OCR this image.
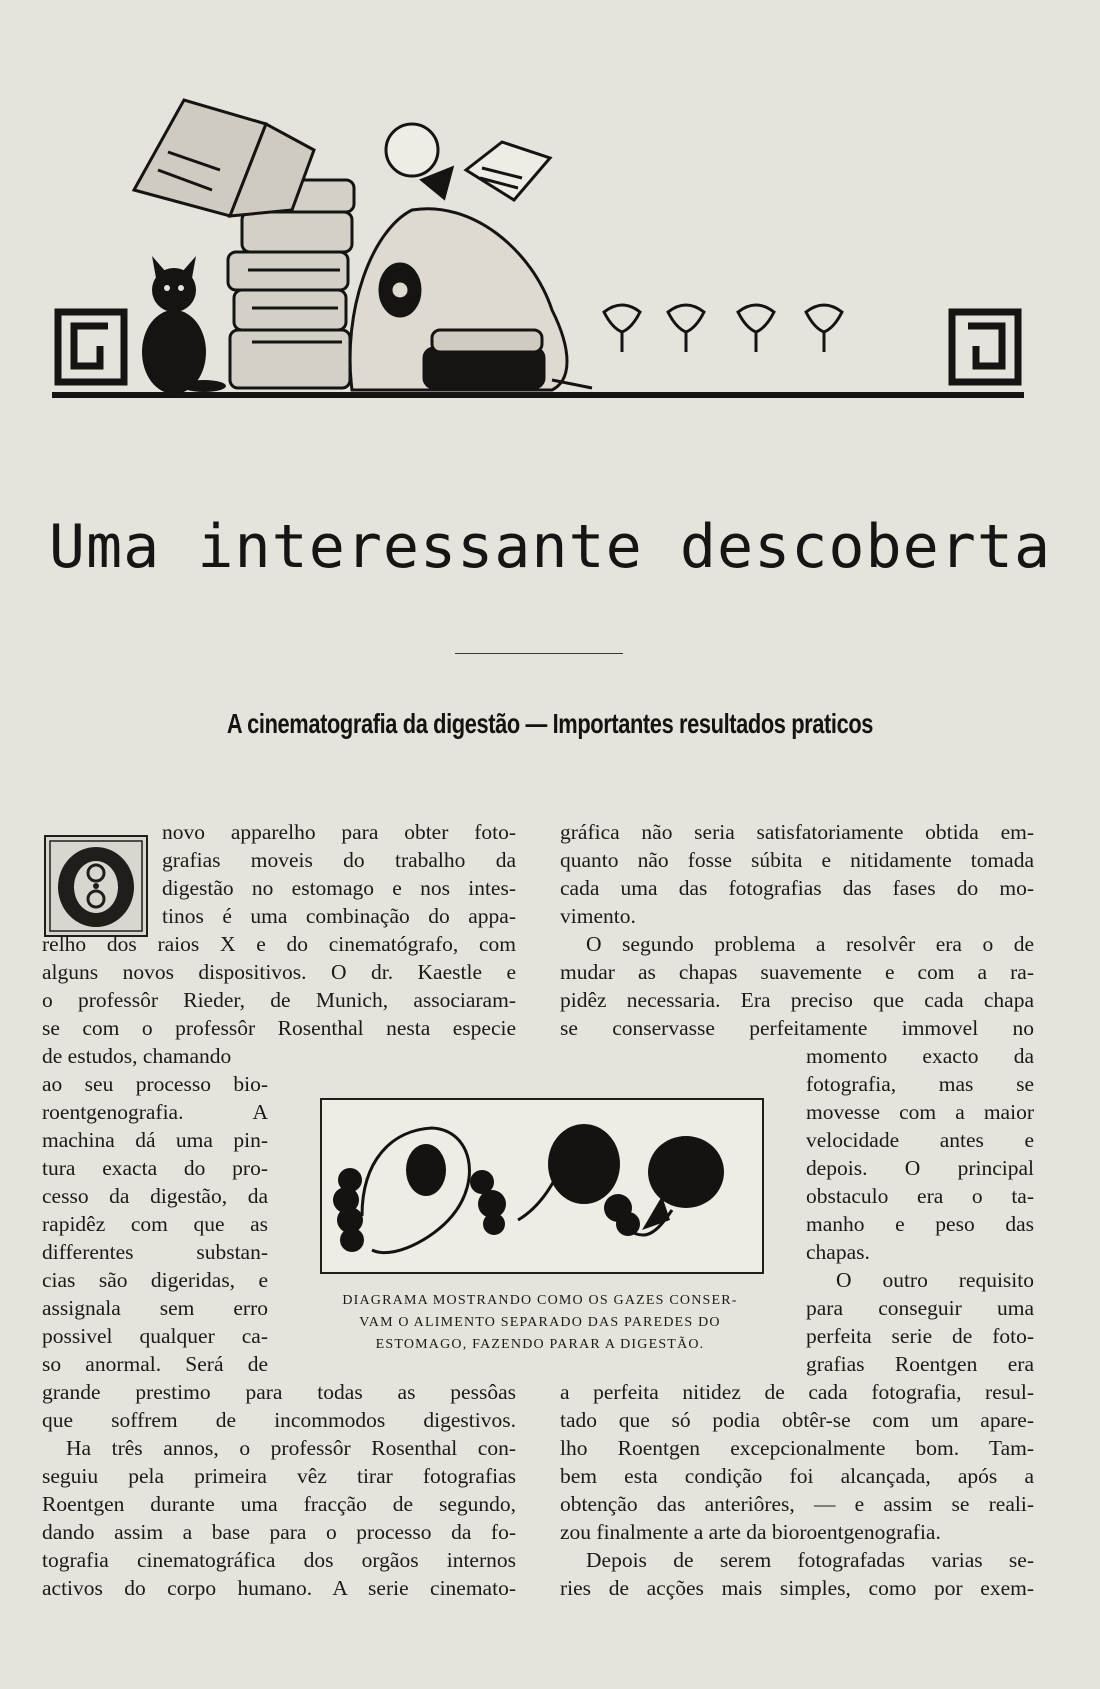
Uma interessante descoberta
A cinematografia da digestão — Importantes resultados praticos
novo apparelho para obter foto-
grafias moveis do trabalho da
digestão no estomago e nos intes-
tinos é uma combinação do appa-
relho dos raios X e do cinematógrafo, com
alguns novos dispositivos. O dr. Kaestle e
o professôr Rieder, de Munich, associaram-
se com o professôr Rosenthal nesta especie
de estudos, chamando
ao seu processo bio-
roentgenografia. A
machina dá uma pin-
tura exacta do pro-
cesso da digestão, da
rapidêz com que as
differentes substan-
cias são digeridas, e
assignala sem erro
possivel qualquer ca-
so anormal. Será de
grande prestimo para todas as pessôas
que soffrem de incommodos digestivos.
Ha três annos, o professôr Rosenthal con-
seguiu pela primeira vêz tirar fotografias
Roentgen durante uma fracção de segundo,
dando assim a base para o processo da fo-
tografia cinematográfica dos orgãos internos
activos do corpo humano. A serie cinemato-
gráfica não seria satisfatoriamente obtida em-
quanto não fosse súbita e nitidamente tomada
cada uma das fotografias das fases do mo-
vimento.
O segundo problema a resolvêr era o de
mudar as chapas suavemente e com a ra-
pidêz necessaria. Era preciso que cada chapa
se conservasse perfeitamente immovel no
momento exacto da
fotografia, mas se
movesse com a maior
velocidade antes e
depois. O principal
obstaculo era o ta-
manho e peso das
chapas.
O outro requisito
para conseguir uma
perfeita serie de foto-
grafias Roentgen era
a perfeita nitidez de cada fotografia, resul-
tado que só podia obtêr-se com um apare-
lho Roentgen excepcionalmente bom. Tam-
bem esta condição foi alcançada, após a
obtenção das anteriôres, — e assim se reali-
zou finalmente a arte da bioroentgenografia.
Depois de serem fotografadas varias se-
ries de acções mais simples, como por exem-
DIAGRAMA MOSTRANDO COMO OS GAZES CONSER-
VAM O ALIMENTO SEPARADO DAS PAREDES DO
ESTOMAGO, FAZENDO PARAR A DIGESTÃO.
